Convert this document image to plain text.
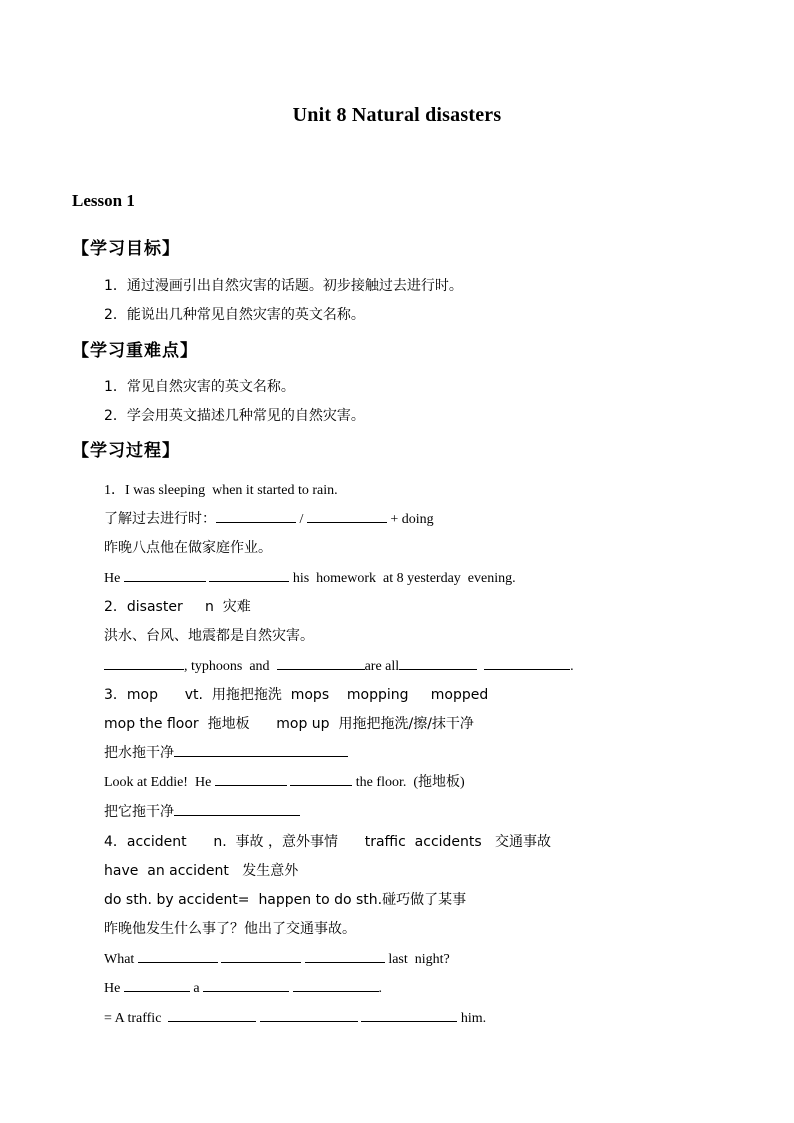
Unit 8 Natural disasters
Lesson 1
【学习目标】
1．通过漫画引出自然灾害的话题。初步接触过去进行时。
2．能说出几种常见自然灾害的英文名称。
【学习重难点】
1．常见自然灾害的英文名称。
2．学会用英文描述几种常见的自然灾害。
【学习过程】
1．I was sleeping  when it started to rain.
了解过去进行时：	/	+ doing
昨晚八点他在做家庭作业。
He	his  homework  at 8 yesterday  evening.
2．disaster     n  灾难
洪水、台风、地震都是自然灾害。
, typhoons  and	are all	.
3．mop      vt.  用拖把拖洗  mops    mopping     mopped
mop the floor  拖地板      mop up  用拖把拖洗/擦/抹干净
把水拖干净
Look at Eddie!  He	the floor.  (拖地板)
把它拖干净
4．accident      n.  事故 ，意外事情      traffic  accidents   交通事故
have  an accident   发生意外
do sth. by accident=  happen to do sth.碰巧做了某事
昨晚他发生什么事了？他出了交通事故。
What	last  night?
He	a	.
= A traffic	him.
